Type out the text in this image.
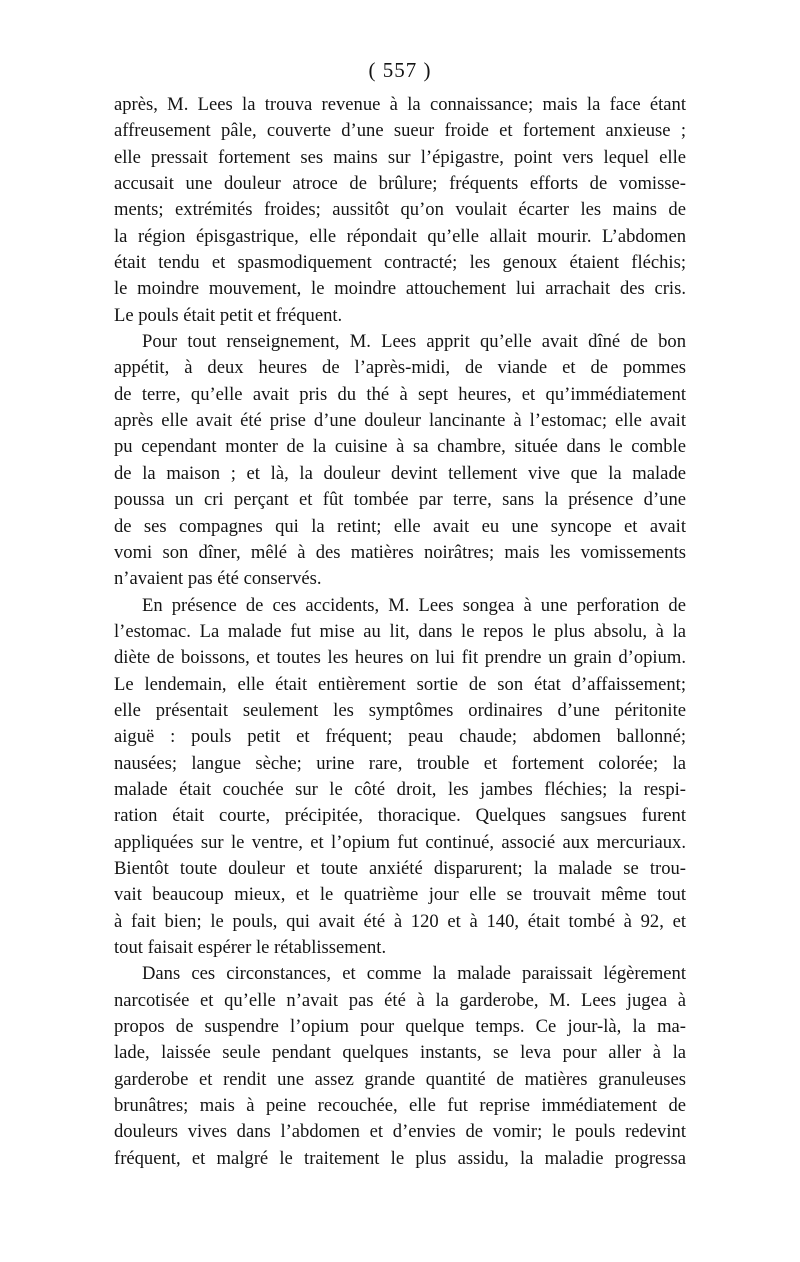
( 557 )

après, M. Lees la trouva revenue à la connaissance; mais la face étant
affreusement pâle, couverte d’une sueur froide et fortement anxieuse ;
elle pressait fortement ses mains sur l’épigastre, point vers lequel elle
accusait une douleur atroce de brûlure; fréquents efforts de vomisse-
ments; extrémités froides; aussitôt qu’on voulait écarter les mains de
la région épisgastrique, elle répondait qu’elle allait mourir. L’abdomen
était tendu et spasmodiquement contracté; les genoux étaient fléchis;
le moindre mouvement, le moindre attouchement lui arrachait des cris.
Le pouls était petit et fréquent.
Pour tout renseignement, M. Lees apprit qu’elle avait dîné de bon
appétit, à deux heures de l’après-midi, de viande et de pommes
de terre, qu’elle avait pris du thé à sept heures, et qu’immédiatement
après elle avait été prise d’une douleur lancinante à l’estomac; elle avait
pu cependant monter de la cuisine à sa chambre, située dans le comble
de la maison ; et là, la douleur devint tellement vive que la malade
poussa un cri perçant et fût tombée par terre, sans la présence d’une
de ses compagnes qui la retint; elle avait eu une syncope et avait
vomi son dîner, mêlé à des matières noirâtres; mais les vomissements
n’avaient pas été conservés.
En présence de ces accidents, M. Lees songea à une perforation de
l’estomac. La malade fut mise au lit, dans le repos le plus absolu, à la
diète de boissons, et toutes les heures on lui fit prendre un grain d’opium.
Le lendemain, elle était entièrement sortie de son état d’affaissement;
elle présentait seulement les symptômes ordinaires d’une péritonite
aiguë : pouls petit et fréquent; peau chaude; abdomen ballonné;
nausées; langue sèche; urine rare, trouble et fortement colorée; la
malade était couchée sur le côté droit, les jambes fléchies; la respi-
ration était courte, précipitée, thoracique. Quelques sangsues furent
appliquées sur le ventre, et l’opium fut continué, associé aux mercuriaux.
Bientôt toute douleur et toute anxiété disparurent; la malade se trou-
vait beaucoup mieux, et le quatrième jour elle se trouvait même tout
à fait bien; le pouls, qui avait été à 120 et à 140, était tombé à 92, et
tout faisait espérer le rétablissement.
Dans ces circonstances, et comme la malade paraissait légèrement
narcotisée et qu’elle n’avait pas été à la garderobe, M. Lees jugea à
propos de suspendre l’opium pour quelque temps. Ce jour-là, la ma-
lade, laissée seule pendant quelques instants, se leva pour aller à la
garderobe et rendit une assez grande quantité de matières granuleuses
brunâtres; mais à peine recouchée, elle fut reprise immédiatement de
douleurs vives dans l’abdomen et d’envies de vomir; le pouls redevint
fréquent, et malgré le traitement le plus assidu, la maladie progressa
